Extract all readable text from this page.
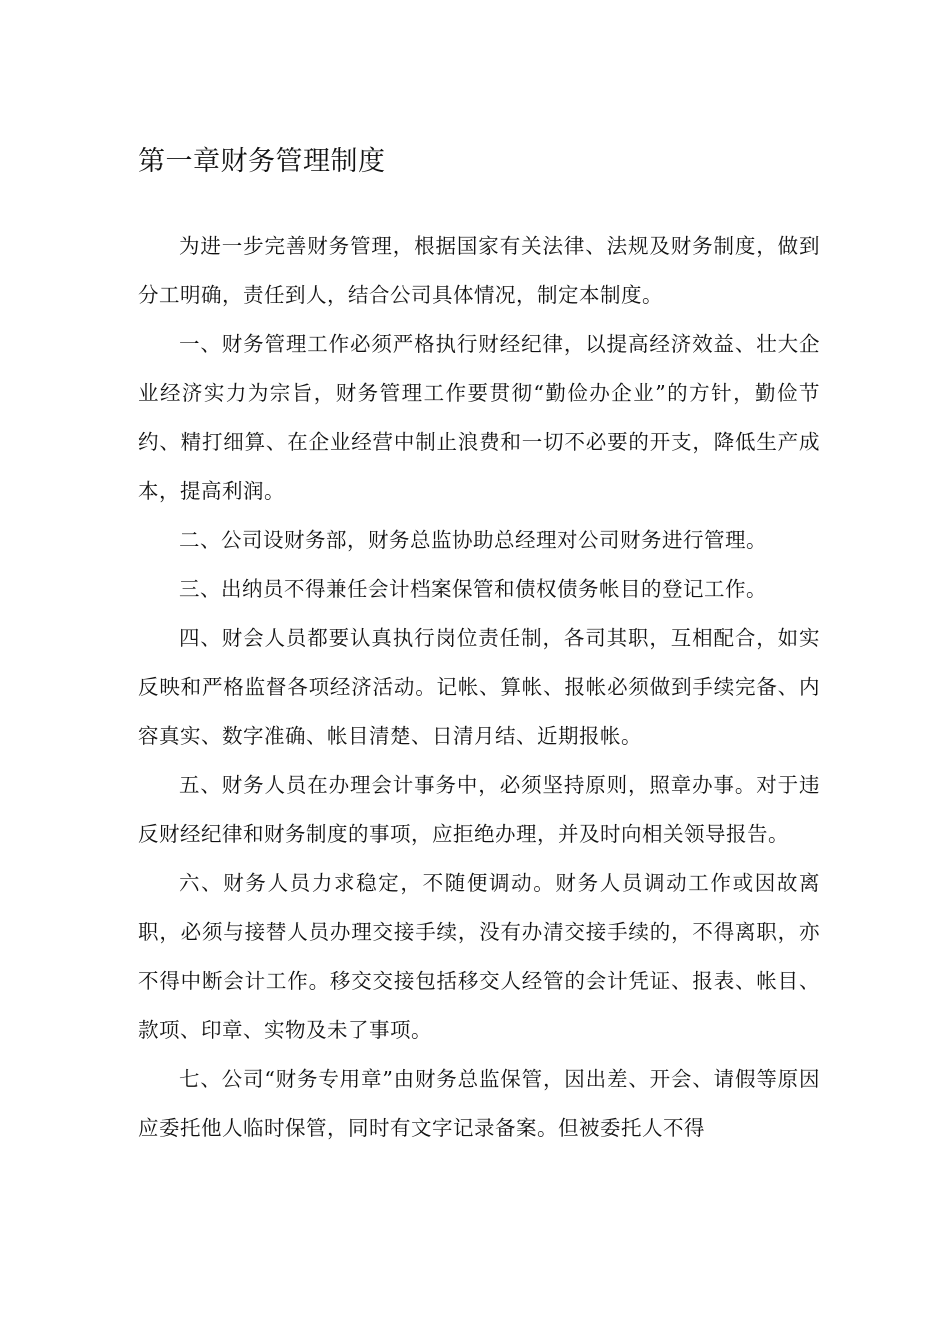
第一章财务管理制度

为进一步完善财务管理，根据国家有关法律、法规及财务制度，做到分工明确，责任到人，结合公司具体情况，制定本制度。

一、财务管理工作必须严格执行财经纪律，以提高经济效益、壮大企业经济实力为宗旨，财务管理工作要贯彻“勤俭办企业”的方针，勤俭节约、精打细算、在企业经营中制止浪费和一切不必要的开支，降低生产成本，提高利润。

二、公司设财务部，财务总监协助总经理对公司财务进行管理。

三、出纳员不得兼任会计档案保管和债权债务帐目的登记工作。

四、财会人员都要认真执行岗位责任制，各司其职，互相配合，如实反映和严格监督各项经济活动。记帐、算帐、报帐必须做到手续完备、内容真实、数字准确、帐目清楚、日清月结、近期报帐。

五、财务人员在办理会计事务中，必须坚持原则，照章办事。对于违反财经纪律和财务制度的事项，应拒绝办理，并及时向相关领导报告。

六、财务人员力求稳定，不随便调动。财务人员调动工作或因故离职，必须与接替人员办理交接手续，没有办清交接手续的，不得离职，亦不得中断会计工作。移交交接包括移交人经管的会计凭证、报表、帐目、款项、印章、实物及未了事项。

七、公司“财务专用章”由财务总监保管，因出差、开会、请假等原因应委托他人临时保管，同时有文字记录备案。但被委托人不得
